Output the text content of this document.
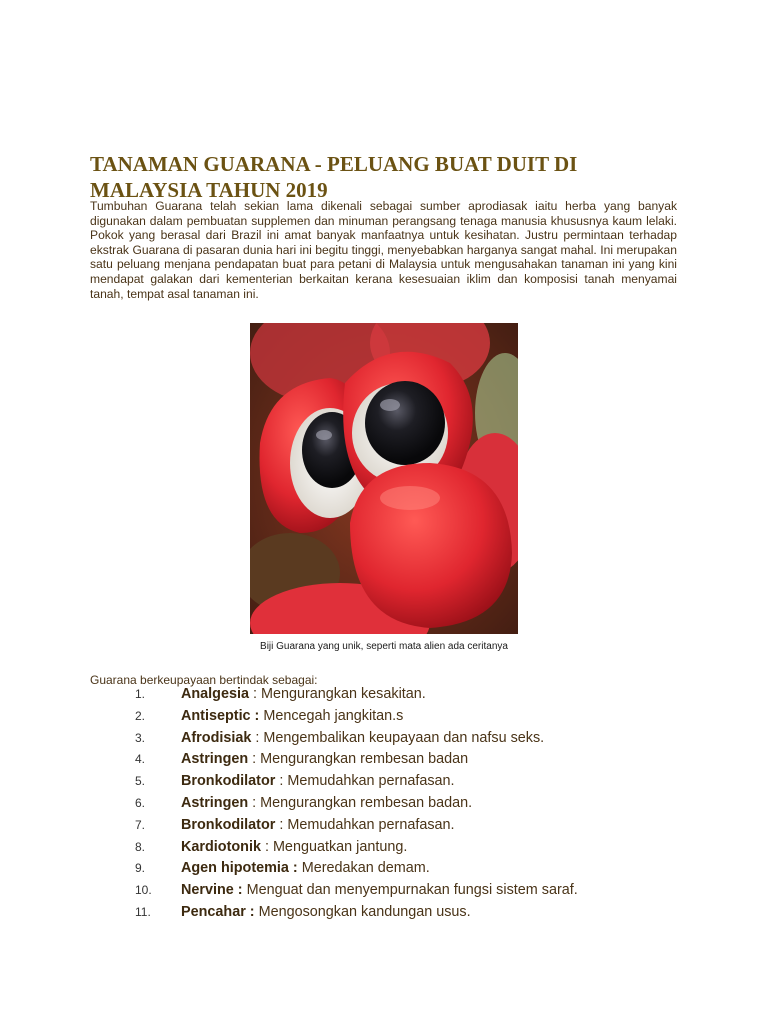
TANAMAN GUARANA - PELUANG BUAT DUIT DI MALAYSIA TAHUN 2019

Tumbuhan Guarana telah sekian lama dikenali sebagai sumber aprodiasak iaitu herba yang banyak digunakan dalam pembuatan supplemen dan minuman perangsang tenaga manusia khususnya kaum lelaki. Pokok yang berasal dari Brazil ini amat banyak manfaatnya untuk kesihatan. Justru permintaan terhadap ekstrak Guarana di pasaran dunia hari ini begitu tinggi, menyebabkan harganya sangat mahal. Ini merupakan satu peluang menjana pendapatan buat para petani di Malaysia untuk mengusahakan tanaman ini yang kini mendapat galakan dari kementerian berkaitan kerana kesesuaian iklim dan komposisi tanah menyamai tanah, tempat asal tanaman ini.

Biji Guarana yang unik, seperti mata alien ada ceritanya
Guarana berkeupayaan bertindak sebagai:
1.	Analgesia : Mengurangkan kesakitan.
2.	Antiseptic : Mencegah jangkitan.s
3.	Afrodisiak : Mengembalikan keupayaan dan nafsu seks.
4.	Astringen : Mengurangkan rembesan badan
5.	Bronkodilator : Memudahkan pernafasan.
6.	Astringen : Mengurangkan rembesan badan.
7.	Bronkodilator : Memudahkan pernafasan.
8.	Kardiotonik : Menguatkan jantung.
9.	Agen hipotemia : Meredakan demam.
10. Nervine : Menguat dan menyempurnakan fungsi sistem saraf.
11. Pencahar : Mengosongkan kandungan usus.
